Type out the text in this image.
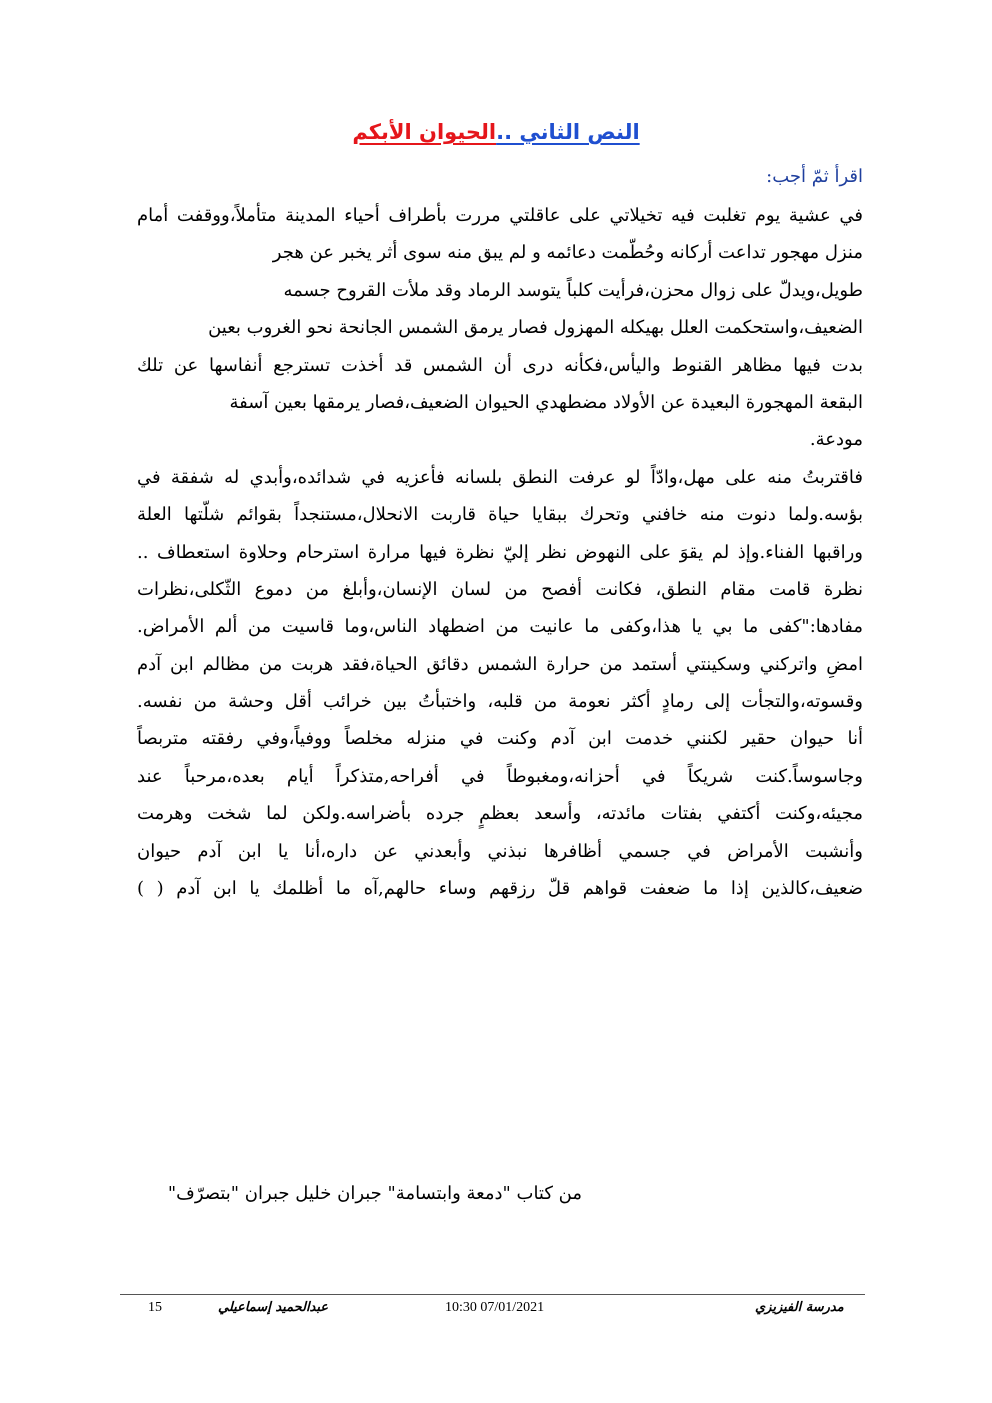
النص الثاني ..الحيوان الأبكم
اقرأ ثمّ أجب:
في عشية يوم تغلبت فيه تخيلاتي على عاقلتي مررت بأطراف أحياء المدينة متأملاً،ووقفت أمام
منزل مهجور تداعت أركانه وحُطّمت دعائمه و لم يبق منه سوى أثر يخبر عن هجر
طويل،ويدلّ على زوال محزن،فرأيت كلباً يتوسد الرماد وقد ملأت القروح جسمه
الضعيف،واستحكمت العلل بهيكله المهزول فصار يرمق الشمس الجانحة نحو الغروب بعين
بدت فيها مظاهر القنوط واليأس،فكأنه درى أن الشمس قد أخذت تسترجع أنفاسها عن تلك
البقعة المهجورة البعيدة عن الأولاد مضطهدي الحيوان الضعيف،فصار يرمقها بعين آسفة
مودعة.
فاقتربتُ منه على مهل،وادّاً لو عرفت النطق بلسانه فأعزيه في شدائده،وأبدي له شفقة في
بؤسه.ولما دنوت منه خافني وتحرك ببقايا حياة قاربت الانحلال،مستنجداً بقوائم شلّتها العلة
وراقبها الفناء.وإذ لم يقوَ على النهوض نظر إليّ نظرة فيها مرارة استرحام وحلاوة استعطاف ..
نظرة قامت مقام النطق، فكانت أفصح من لسان الإنسان،وأبلغ من دموع الثّكلى،نظرات
مفادها:"كفى ما بي يا هذا،وكفى ما عانيت من اضطهاد الناس،وما قاسيت من ألم الأمراض.
امضِ واتركني وسكينتي أستمد من حرارة الشمس دقائق الحياة،فقد هربت من مظالم ابن آدم
وقسوته،والتجأت إلى رمادٍ أكثر نعومة من قلبه، واختبأتُ بين خرائب أقل وحشة من نفسه.
أنا حيوان حقير لكنني خدمت ابن آدم وكنت في منزله مخلصاً ووفياً،وفي رفقته متربصاً
وجاسوساً.كنت شريكاً في أحزانه،ومغبوطاً في أفراحه,متذكراً أيام بعده،مرحباً عند
مجيئه،وكنت أكتفي بفتات مائدته، وأسعد بعظمٍ جرده بأضراسه.ولكن لما شخت وهرمت
وأنشبت الأمراض في جسمي أظافرها نبذني وأبعدني عن داره،أنا يا ابن آدم حيوان
ضعيف،كالذين إذا ما ضعفت قواهم قلّ رزقهم وساء حالهم,آه ما أظلمك يا ابن آدم ( )
من كتاب "دمعة وابتسامة" جبران خليل جبران "بتصرّف"
15	عبدالحميد إسماعيلي	10:30 07/01/2021	مدرسة الفيزيزي
